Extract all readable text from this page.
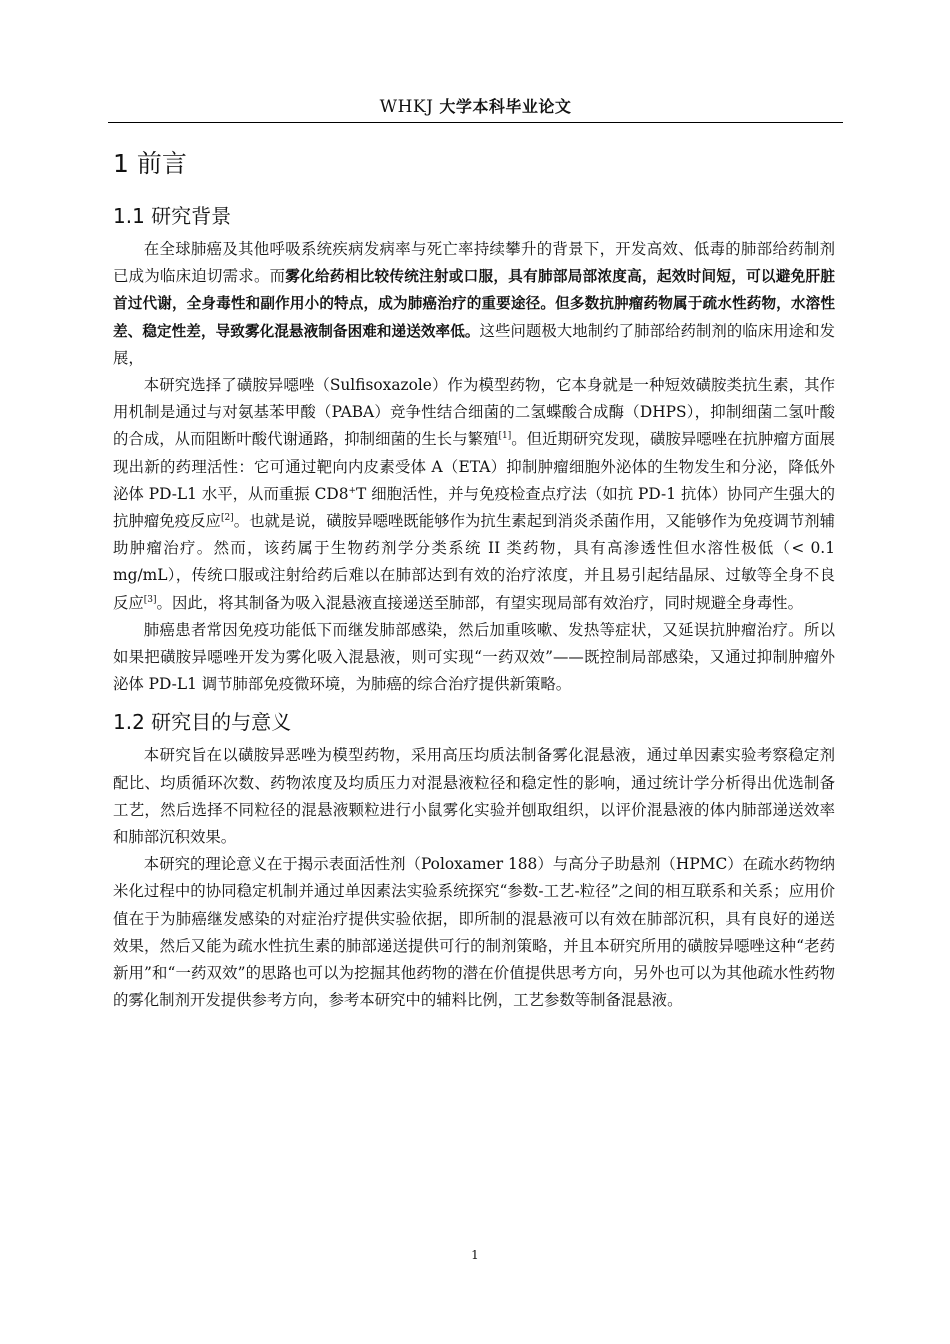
WHKJ 大学本科毕业论文
1 前言
1.1 研究背景

在全球肺癌及其他呼吸系统疾病发病率与死亡率持续攀升的背景下，开发高效、低毒的肺部给药制剂已成为临床迫切需求。而雾化给药相比较传统注射或口服，具有肺部局部浓度高，起效时间短，可以避免肝脏首过代谢，全身毒性和副作用小的特点，成为肺癌治疗的重要途径。但多数抗肿瘤药物属于疏水性药物，水溶性差、稳定性差，导致雾化混悬液制备困难和递送效率低。这些问题极大地制约了肺部给药制剂的临床用途和发展，

本研究选择了磺胺异噁唑（Sulfisoxazole）作为模型药物，它本身就是一种短效磺胺类抗生素，其作用机制是通过与对氨基苯甲酸（PABA）竞争性结合细菌的二氢蝶酸合成酶（DHPS），抑制细菌二氢叶酸的合成，从而阻断叶酸代谢通路，抑制细菌的生长与繁殖[1]。但近期研究发现，磺胺异噁唑在抗肿瘤方面展现出新的药理活性：它可通过靶向内皮素受体 A（ETA）抑制肿瘤细胞外泌体的生物发生和分泌，降低外泌体 PD-L1 水平，从而重振 CD8+T 细胞活性，并与免疫检查点疗法（如抗 PD-1 抗体）协同产生强大的抗肿瘤免疫反应[2]。也就是说，磺胺异噁唑既能够作为抗生素起到消炎杀菌作用，又能够作为免疫调节剂辅助肿瘤治疗。然而，该药属于生物药剂学分类系统 II 类药物，具有高渗透性但水溶性极低（< 0.1 mg/mL），传统口服或注射给药后难以在肺部达到有效的治疗浓度，并且易引起结晶尿、过敏等全身不良反应[3]。因此，将其制备为吸入混悬液直接递送至肺部，有望实现局部有效治疗，同时规避全身毒性。

肺癌患者常因免疫功能低下而继发肺部感染，然后加重咳嗽、发热等症状，又延误抗肿瘤治疗。所以如果把磺胺异噁唑开发为雾化吸入混悬液，则可实现“一药双效”——既控制局部感染，又通过抑制肿瘤外泌体 PD-L1 调节肺部免疫微环境，为肺癌的综合治疗提供新策略。

1.2 研究目的与意义

本研究旨在以磺胺异恶唑为模型药物，采用高压均质法制备雾化混悬液，通过单因素实验考察稳定剂配比、均质循环次数、药物浓度及均质压力对混悬液粒径和稳定性的影响，通过统计学分析得出优选制备工艺，然后选择不同粒径的混悬液颗粒进行小鼠雾化实验并刨取组织，以评价混悬液的体内肺部递送效率和肺部沉积效果。

本研究的理论意义在于揭示表面活性剂（Poloxamer 188）与高分子助悬剂（HPMC）在疏水药物纳米化过程中的协同稳定机制并通过单因素法实验系统探究“参数-工艺-粒径”之间的相互联系和关系；应用价值在于为肺癌继发感染的对症治疗提供实验依据，即所制的混悬液可以有效在肺部沉积，具有良好的递送效果，然后又能为疏水性抗生素的肺部递送提供可行的制剂策略，并且本研究所用的磺胺异噁唑这种“老药新用”和“一药双效”的思路也可以为挖掘其他药物的潜在价值提供思考方向，另外也可以为其他疏水性药物的雾化制剂开发提供参考方向，参考本研究中的辅料比例，工艺参数等制备混悬液。

1
